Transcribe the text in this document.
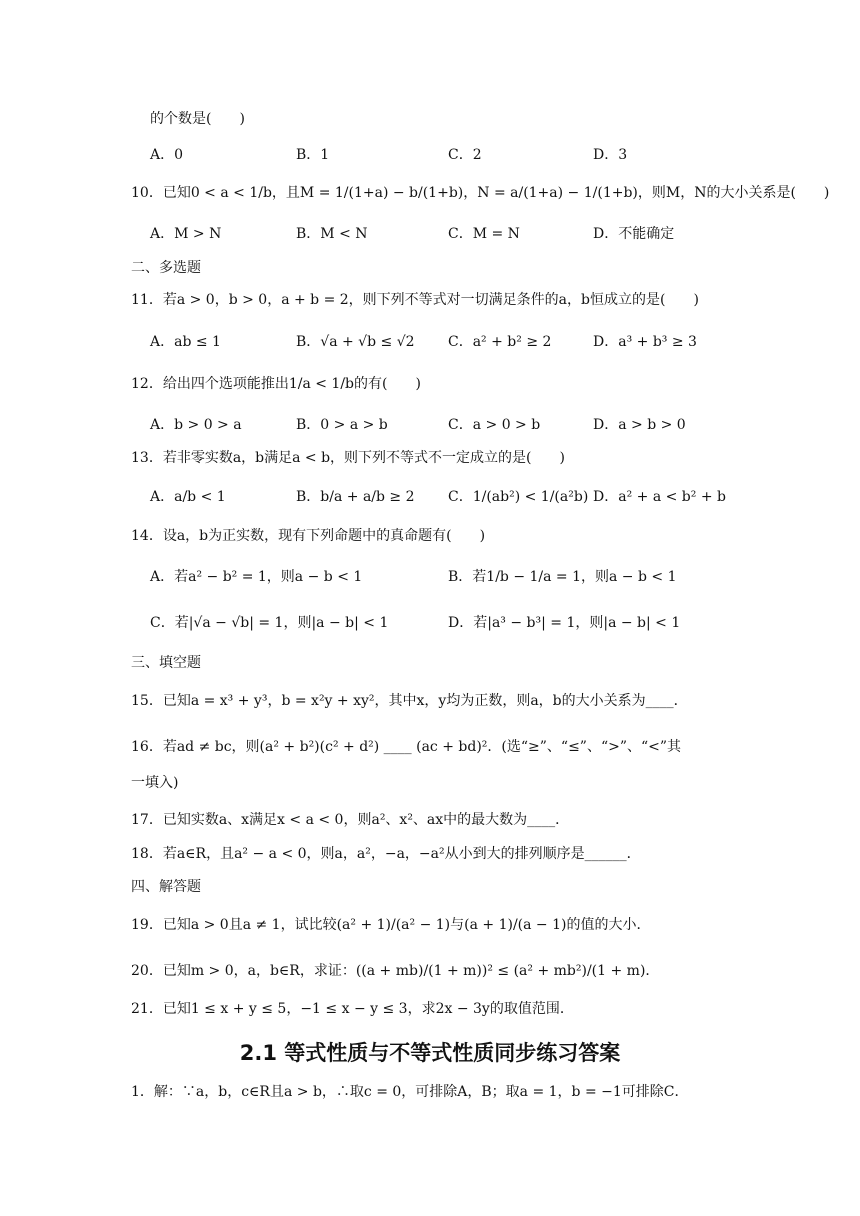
的个数是(　　)
A．0	B．1	C．2	D．3
10．已知0 < a < 1/b，且M = 1/(1+a) − b/(1+b)，N = a/(1+a) − 1/(1+b)，则M，N的大小关系是(　　)
A．M > N	B．M < N	C．M = N	D．不能确定
二、多选题
11．若a > 0，b > 0，a + b = 2，则下列不等式对一切满足条件的a，b恒成立的是(　　)
A．ab ≤ 1	B．√a + √b ≤ √2 C．a² + b² ≥ 2	D．a³ + b³ ≥ 3
12．给出四个选项能推出1/a < 1/b的有(　　)
A．b > 0 > a	B．0 > a > b	C．a > 0 > b	D．a > b > 0
13．若非零实数a，b满足a < b，则下列不等式不一定成立的是(　　)
A．a/b < 1	B．b/a + a/b ≥ 2 C．1/(ab²) < 1/(a²b) D．a² + a < b² + b
14．设a，b为正实数，现有下列命题中的真命题有(　　)
A．若a² − b² = 1，则a − b < 1	B．若1/b − 1/a = 1，则a − b < 1
C．若|√a − √b| = 1，则|a − b| < 1	D．若|a³ − b³| = 1，则|a − b| < 1
三、填空题
15．已知a = x³ + y³，b = x²y + xy²，其中x，y均为正数，则a，b的大小关系为____．
16．若ad ≠ bc，则(a² + b²)(c² + d²) ____ (ac + bd)²．(选“≥”、“≤”、“>”、“<”其
一填入)
17．已知实数a、x满足x < a < 0，则a²、x²、ax中的最大数为____．
18．若a∈R，且a² − a < 0，则a，a²，−a，−a²从小到大的排列顺序是______．
四、解答题
19．已知a > 0且a ≠ 1，试比较(a² + 1)/(a² − 1)与(a + 1)/(a − 1)的值的大小．
20．已知m > 0，a，b∈R，求证：((a + mb)/(1 + m))² ≤ (a² + mb²)/(1 + m)．
21．已知1 ≤ x + y ≤ 5，−1 ≤ x − y ≤ 3，求2x − 3y的取值范围．
2.1 等式性质与不等式性质同步练习答案
1．解：∵a，b，c∈R且a > b，∴取c = 0，可排除A，B；取a = 1，b = −1可排除C．
